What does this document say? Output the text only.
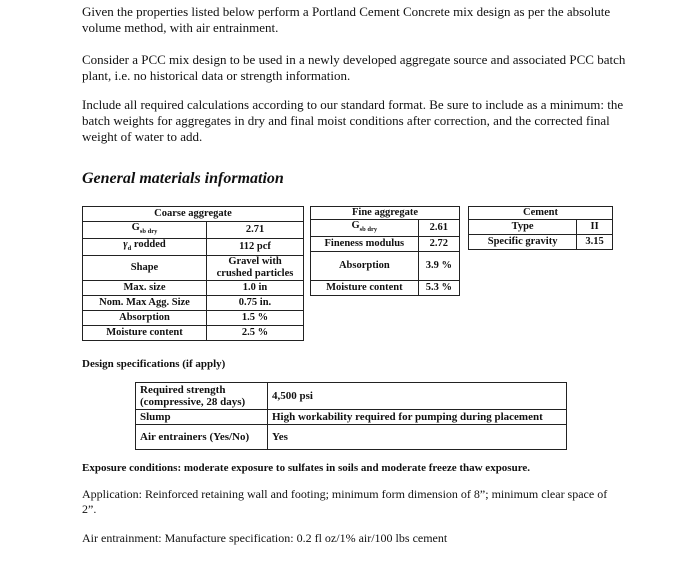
Given the properties listed below perform a Portland Cement Concrete mix design as per the absolute volume method, with air entrainment.

Consider a PCC mix design to be used in a newly developed aggregate source and associated PCC batch plant, i.e. no historical data or strength information.

Include all required calculations according to our standard format. Be sure to include as a minimum: the batch weights for aggregates in dry and final moist conditions after correction, and the corrected final weight of water to add.

General materials information
Coarse aggregate	
$G_{sb dry}$	2.71
$\gamma_d$ rodded	112 pcf
Shape	Gravel with crushed particles
Max. size	1.0 in
Nom. Max Agg. Size	0.75 in.
Absorption	1.5 %
Moisture content	2.5 %
Fine aggregate	
$G_{sb dry}$	2.61
Fineness modulus	2.72
Absorption	3.9 %
Moisture content	5.3 %
Cement	
Type	II
Specific gravity	3.15

Design specifications (if apply)

Required strength (compressive, 28 days)	4,500 psi
Slump	High workability required for pumping during placement
Air entrainers (Yes/No)	Yes

Exposure conditions: moderate exposure to sulfates in soils and moderate freeze thaw exposure.

Application: Reinforced retaining wall and footing; minimum form dimension of 8”; minimum clear space of 2”.

Air entrainment: Manufacture specification: 0.2 fl oz/1% air/100 lbs cement
